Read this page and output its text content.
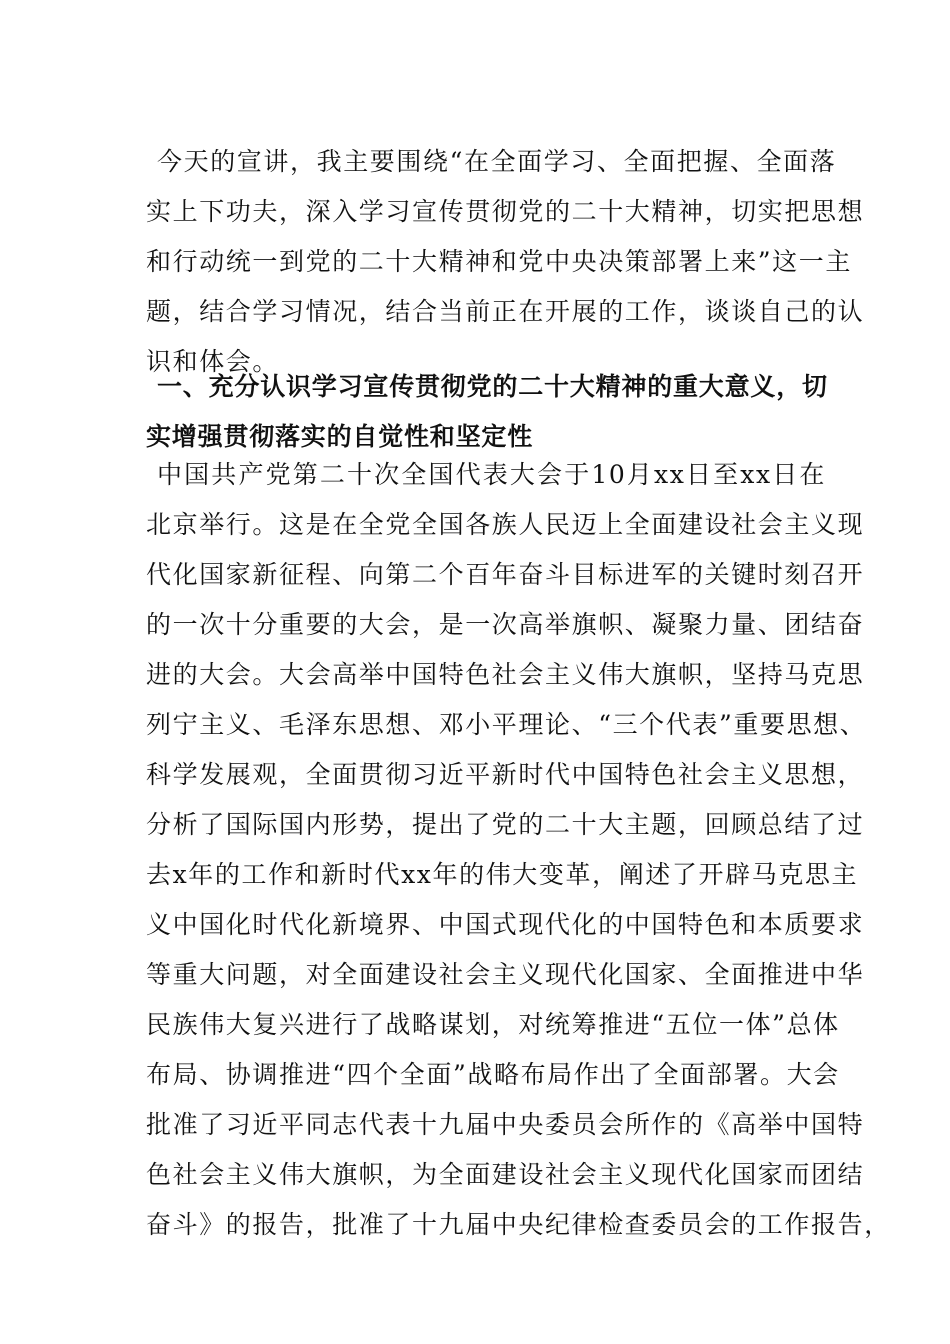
今天的宣讲，我主要围绕“在全面学习、全面把握、全面落
实上下功夫，深入学习宣传贯彻党的二十大精神，切实把思想
和行动统一到党的二十大精神和党中央决策部署上来”这一主
题，结合学习情况，结合当前正在开展的工作，谈谈自己的认
识和体会。
一、充分认识学习宣传贯彻党的二十大精神的重大意义，切
实增强贯彻落实的自觉性和坚定性
中国共产党第二十次全国代表大会于10月xx日至xx日在
北京举行。这是在全党全国各族人民迈上全面建设社会主义现
代化国家新征程、向第二个百年奋斗目标进军的关键时刻召开
的一次十分重要的大会，是一次高举旗帜、凝聚力量、团结奋
进的大会。大会高举中国特色社会主义伟大旗帜，坚持马克思
列宁主义、毛泽东思想、邓小平理论、“三个代表”重要思想、
科学发展观，全面贯彻习近平新时代中国特色社会主义思想，
分析了国际国内形势，提出了党的二十大主题，回顾总结了过
去x年的工作和新时代xx年的伟大变革，阐述了开辟马克思主
义中国化时代化新境界、中国式现代化的中国特色和本质要求
等重大问题，对全面建设社会主义现代化国家、全面推进中华
民族伟大复兴进行了战略谋划，对统筹推进“五位一体”总体
布局、协调推进“四个全面”战略布局作出了全面部署。大会
批准了习近平同志代表十九届中央委员会所作的《高举中国特
色社会主义伟大旗帜，为全面建设社会主义现代化国家而团结
奋斗》的报告，批准了十九届中央纪律检查委员会的工作报告，
